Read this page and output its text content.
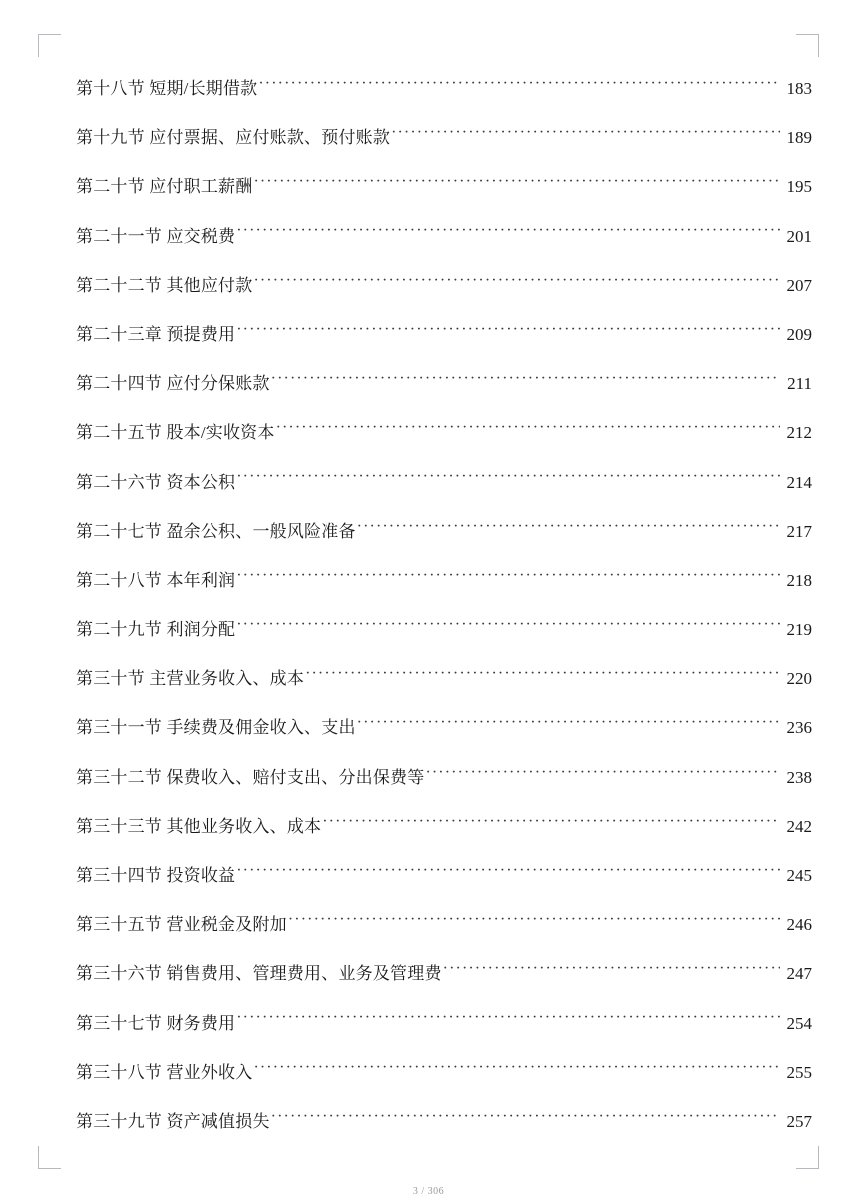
第十八节 短期/长期借款 ·····	183
第十九节 应付票据、应付账款、预付账款 ·····	189
第二十节 应付职工薪酬 ·····	195
第二十一节 应交税费 ·····	201
第二十二节 其他应付款 ·····	207
第二十三章 预提费用 ·····	209
第二十四节 应付分保账款 ·····	211
第二十五节 股本/实收资本 ·····	212
第二十六节 资本公积 ·····	214
第二十七节 盈余公积、一般风险准备 ·····	217
第二十八节 本年利润 ·····	218
第二十九节 利润分配 ·····	219
第三十节 主营业务收入、成本 ·····	220
第三十一节 手续费及佣金收入、支出 ·····	236
第三十二节 保费收入、赔付支出、分出保费等 ·····	238
第三十三节 其他业务收入、成本 ·····	242
第三十四节 投资收益 ·····	245
第三十五节 营业税金及附加 ·····	246
第三十六节 销售费用、管理费用、业务及管理费 ·····	247
第三十七节 财务费用 ·····	254
第三十八节 营业外收入 ·····	255
第三十九节 资产减值损失 ·····	257
3 / 306
